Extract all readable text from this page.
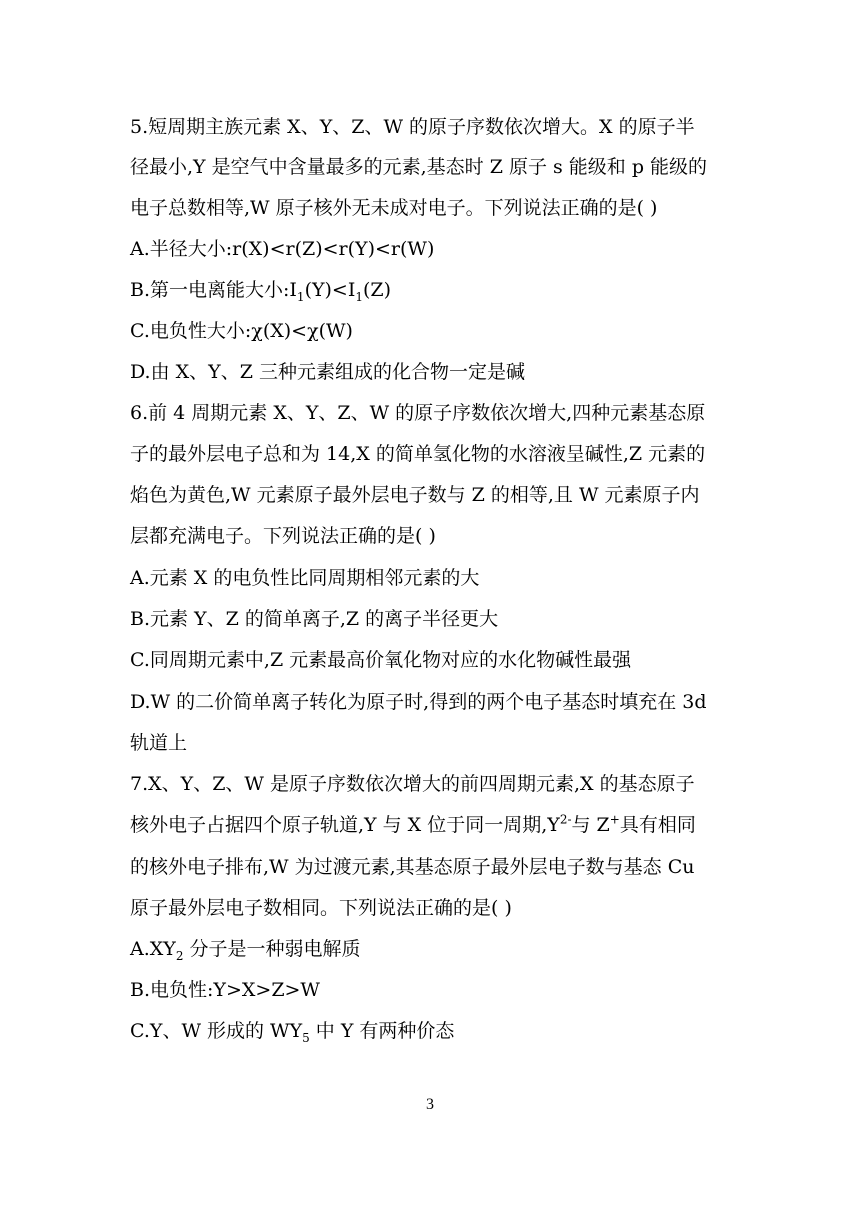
5.短周期主族元素 X、Y、Z、W 的原子序数依次增大。X 的原子半
径最小,Y 是空气中含量最多的元素,基态时 Z 原子 s 能级和 p 能级的
电子总数相等,W 原子核外无未成对电子。下列说法正确的是( )
A.半径大小:r(X)<r(Z)<r(Y)<r(W)
B.第一电离能大小$:I_1(Y)<I_1(Z)$
C.电负性大小:χ(X)<χ(W)
D.由 X、Y、Z 三种元素组成的化合物一定是碱
6.前 4 周期元素 X、Y、Z、W 的原子序数依次增大,四种元素基态原
子的最外层电子总和为 14,X 的简单氢化物的水溶液呈碱性,Z 元素的
焰色为黄色,W 元素原子最外层电子数与 Z 的相等,且 W 元素原子内
层都充满电子。下列说法正确的是( )
A.元素 X 的电负性比同周期相邻元素的大
B.元素 Y、Z 的简单离子,Z 的离子半径更大
C.同周期元素中,Z 元素最高价氧化物对应的水化物碱性最强
D.W 的二价简单离子转化为原子时,得到的两个电子基态时填充在 3d
轨道上
7.X、Y、Z、W 是原子序数依次增大的前四周期元素,X 的基态原子
核外电子占据四个原子轨道,Y 与 X 位于同一周期$,Y^{2-}$与 Z+具有相同
的核外电子排布,W 为过渡元素,其基态原子最外层电子数与基态 Cu
原子最外层电子数相同。下列说法正确的是( )
$A.XY_2$ 分子是一种弱电解质
B.电负性:Y>X>Z>W
C.Y、W 形成的 $WY_5$ 中 Y 有两种价态
3
